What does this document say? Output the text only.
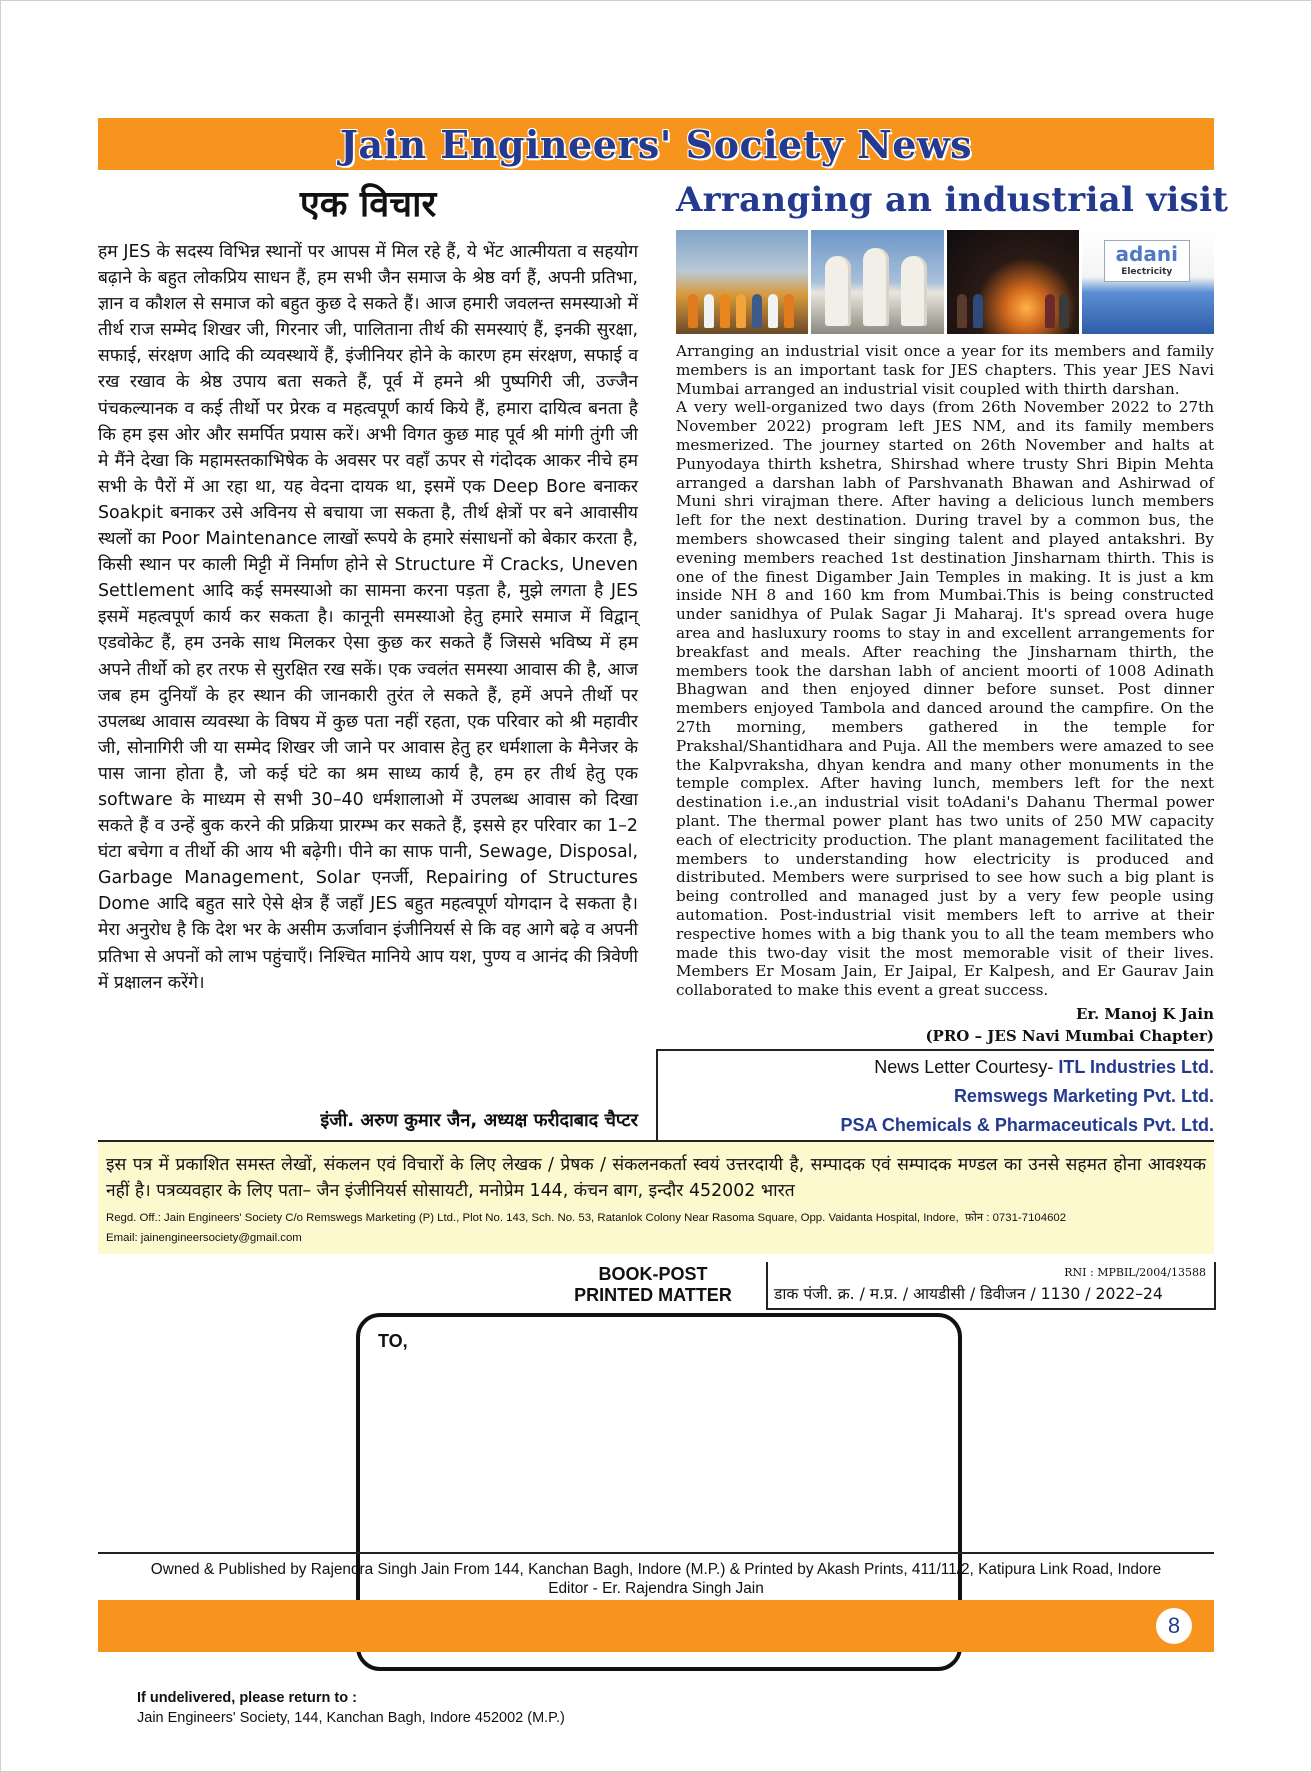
Jain Engineers' Society News
एक विचार

हम JES के सदस्य विभिन्न स्थानों पर आपस में मिल रहे हैं, ये भेंट आत्मीयता व सहयोग बढ़ाने के बहुत लोकप्रिय साधन हैं, हम सभी जैन समाज के श्रेष्ठ वर्ग हैं, अपनी प्रतिभा, ज्ञान व कौशल से समाज को बहुत कुछ दे सकते हैं। आज हमारी जवलन्त समस्याओ में तीर्थ राज सम्मेद शिखर जी, गिरनार जी, पालिताना तीर्थ की समस्याएं हैं, इनकी सुरक्षा, सफाई, संरक्षण आदि की व्यवस्थायें हैं, इंजीनियर होने के कारण हम संरक्षण, सफाई व रख रखाव के श्रेष्ठ उपाय बता सकते हैं, पूर्व में हमने श्री पुष्पगिरी जी, उज्जैन पंचकल्यानक व कई तीर्थो पर प्रेरक व महत्वपूर्ण कार्य किये हैं, हमारा दायित्व बनता है कि हम इस ओर और समर्पित प्रयास करें। अभी विगत कुछ माह पूर्व श्री मांगी तुंगी जी मे मैंने देखा कि महामस्तकाभिषेक के अवसर पर वहाँ ऊपर से गंदोदक आकर नीचे हम सभी के पैरों में आ रहा था, यह वेदना दायक था, इसमें एक Deep Bore बनाकर Soakpit बनाकर उसे अविनय से बचाया जा सकता है, तीर्थ क्षेत्रों पर बने आवासीय स्थलों का Poor Maintenance लाखों रूपये के हमारे संसाधनों को बेकार करता है, किसी स्थान पर काली मिट्टी में निर्माण होने से Structure में Cracks, Uneven Settlement आदि कई समस्याओ का सामना करना पड़ता है, मुझे लगता है JES इसमें महत्वपूर्ण कार्य कर सकता है। कानूनी समस्याओ हेतु हमारे समाज में विद्वान् एडवोकेट हैं, हम उनके साथ मिलकर ऐसा कुछ कर सकते हैं जिससे भविष्य में हम अपने तीर्थो को हर तरफ से सुरक्षित रख सकें। एक ज्वलंत समस्या आवास की है, आज जब हम दुनियाँ के हर स्थान की जानकारी तुरंत ले सकते हैं, हमें अपने तीर्थो पर उपलब्ध आवास व्यवस्था के विषय में कुछ पता नहीं रहता, एक परिवार को श्री महावीर जी, सोनागिरी जी या सम्मेद शिखर जी जाने पर आवास हेतु हर धर्मशाला के मैनेजर के पास जाना होता है, जो कई घंटे का श्रम साध्य कार्य है, हम हर तीर्थ हेतु एक software के माध्यम से सभी 30–40 धर्मशालाओ में उपलब्ध आवास को दिखा सकते हैं व उन्हें बुक करने की प्रक्रिया प्रारम्भ कर सकते हैं, इससे हर परिवार का 1–2 घंटा बचेगा व तीर्थो की आय भी बढ़ेगी। पीने का साफ पानी, Sewage, Disposal, Garbage Management, Solar एनर्जी, Repairing of Structures Dome आदि बहुत सारे ऐसे क्षेत्र हैं जहाँ JES बहुत महत्वपूर्ण योगदान दे सकता है। मेरा अनुरोध है कि देश भर के असीम ऊर्जावान इंजीनियर्स से कि वह आगे बढ़े व अपनी प्रतिभा से अपनों को लाभ पहुंचाएँ। निश्चित मानिये आप यश, पुण्य व आनंद की त्रिवेणी में प्रक्षालन करेंगे।

इंजी. अरुण कुमार जैन, अध्यक्ष फरीदाबाद चैप्टर
Arranging an industrial visit
adani
Electricity

Arranging an industrial visit once a year for its members and family members is an important task for JES chapters. This year JES Navi Mumbai arranged an industrial visit coupled with thirth darshan.

A very well-organized two days (from 26th November 2022 to 27th November 2022) program left JES NM, and its family members mesmerized. The journey started on 26th November and halts at Punyodaya thirth kshetra, Shirshad where trusty Shri Bipin Mehta arranged a darshan labh of Parshvanath Bhawan and Ashirwad of Muni shri virajman there. After having a delicious lunch members left for the next destination. During travel by a common bus, the members showcased their singing talent and played antakshri. By evening members reached 1st destination Jinsharnam thirth. This is one of the finest Digamber Jain Temples in making. It is just a km inside NH 8 and 160 km from Mumbai.This is being constructed under sanidhya of Pulak Sagar Ji Maharaj. It's spread overa huge area and hasluxury rooms to stay in and excellent arrangements for breakfast and meals. After reaching the Jinsharnam thirth, the members took the darshan labh of ancient moorti of 1008 Adinath Bhagwan and then enjoyed dinner before sunset. Post dinner members enjoyed Tambola and danced around the campfire. On the 27th morning, members gathered in the temple for Prakshal/Shantidhara and Puja. All the members were amazed to see the Kalpvraksha, dhyan kendra and many other monuments in the temple complex. After having lunch, members left for the next destination i.e.,an industrial visit toAdani's Dahanu Thermal power plant. The thermal power plant has two units of 250 MW capacity each of electricity production. The plant management facilitated the members to understanding how electricity is produced and distributed. Members were surprised to see how such a big plant is being controlled and managed just by a very few people using automation. Post-industrial visit members left to arrive at their respective homes with a big thank you to all the team members who made this two-day visit the most memorable visit of their lives. Members Er Mosam Jain, Er Jaipal, Er Kalpesh, and Er Gaurav Jain collaborated to make this event a great success.

Er. Manoj K Jain
(PRO – JES Navi Mumbai Chapter)
News Letter Courtesy- ITL Industries Ltd.
Remswegs Marketing Pvt. Ltd.
PSA Chemicals & Pharmaceuticals Pvt. Ltd.
इस पत्र में प्रकाशित समस्त लेखों, संकलन एवं विचारों के लिए लेखक / प्रेषक / संकलनकर्ता स्वयं उत्तरदायी है, सम्पादक एवं सम्पादक मण्डल का उनसे सहमत होना आवश्यक नहीं है। पत्रव्यवहार के लिए पता– जैन इंजीनियर्स सोसायटी, मनोप्रेम 144, कंचन बाग, इन्दौर 452002 भारत
Regd. Off.: Jain Engineers' Society C/o Remswegs Marketing (P) Ltd., Plot No. 143, Sch. No. 53, Ratanlok Colony Near Rasoma Square, Opp. Vaidanta Hospital, Indore, फ़ोन : 0731-7104602
Email: jainengineersociety@gmail.com
BOOK-POST
PRINTED MATTER
RNI : MPBIL/2004/13588
डाक पंजी. क्र. / म.प्र. / आयडीसी / डिवीजन / 1130 / 2022–24
TO,
If undelivered, please return to :
Jain Engineers' Society, 144, Kanchan Bagh, Indore 452002 (M.P.)
Owned & Published by Rajendra Singh Jain From 144, Kanchan Bagh, Indore (M.P.) & Printed by Akash Prints, 411/11/2, Katipura Link Road, Indore
Editor - Er. Rajendra Singh Jain
8
